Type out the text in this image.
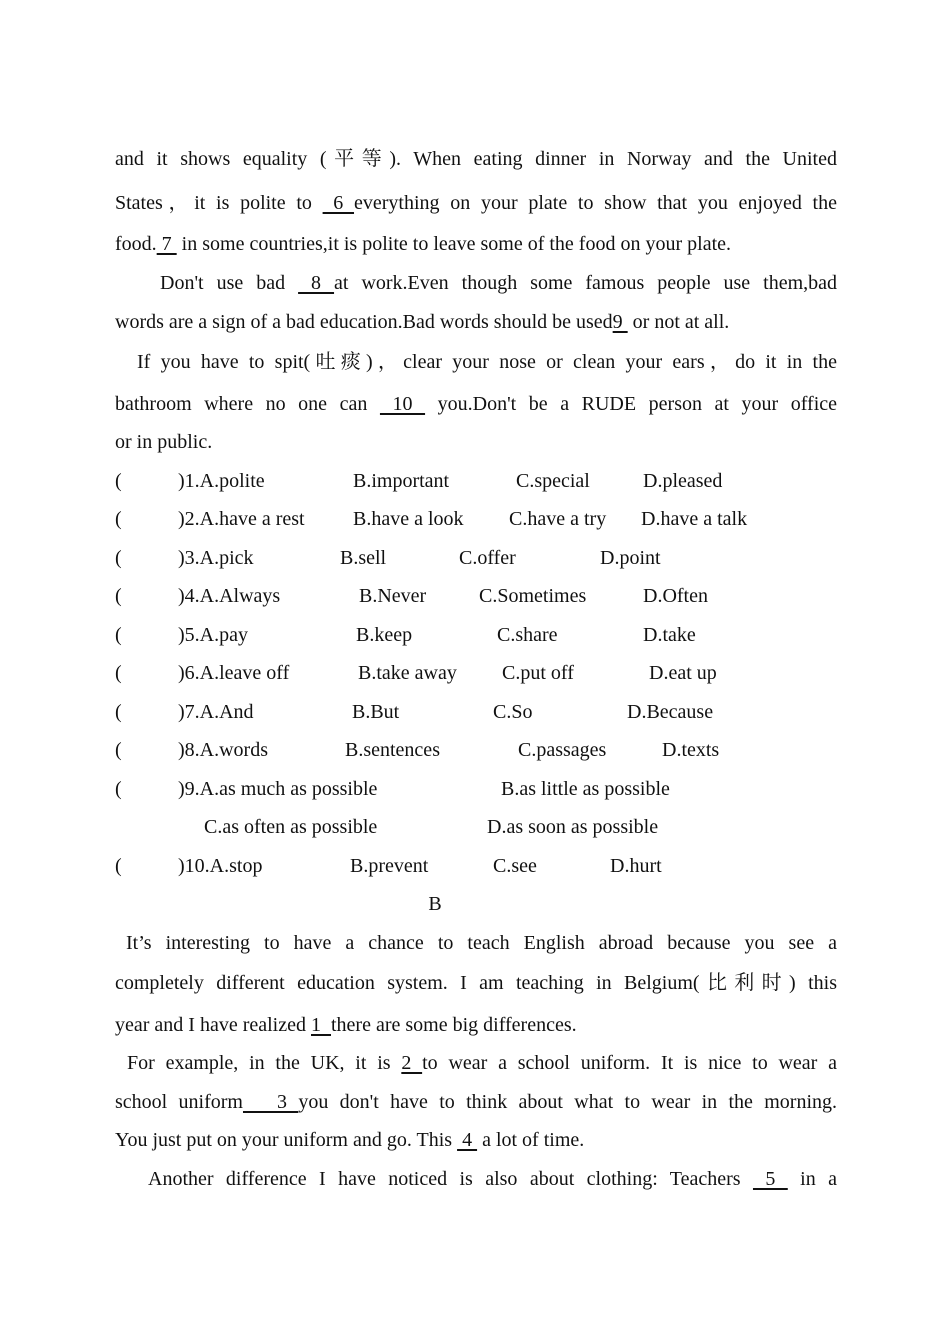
and it shows equality (平等). When eating dinner in Norway and the United
States，it is polite to  6 everything on your plate to show that you enjoyed the
food. 7  in some countries,it is polite to leave some of the food on your plate.
Don't use bad  8 at work.Even though some famous people use them,bad
words are a sign of a bad education.Bad words should be used9  or not at all.
If you have to spit(吐痰)，clear your nose or clean your ears，do it in the
bathroom where no one can  10  you.Don't be a RUDE person at your office
or in public.
(	)1.A.polite	B.important	C.special	D.pleased
(	)2.A.have a rest B.have a look C.have a try D.have a talk
(	)3.A.pick	B.sell	C.offer	D.point
(	)4.A.Always	B.Never	C.Sometimes	D.Often
(	)5.A.pay	B.keep	C.share	D.take
(	)6.A.leave off	B.take away C.put off	D.eat up
(	)7.A.And	B.But	C.So	D.Because
(	)8.A.words	B.sentences	C.passages	D.texts
(	)9.A.as much as possible	B.as little as possible
C.as often as possible	D.as soon as possible
(	)10.A.stop	B.prevent	C.see	D.hurt
B
It’s interesting to have a chance to teach English abroad because you see a
completely different education system. I am teaching in Belgium(比利时) this
year and I have realized 1  there are some big differences.
For example, in the UK, it is 2 to wear a school uniform. It is nice to wear a
school uniform   3 you don't have to think about what to wear in the morning.
You just put on your uniform and go. This  4  a lot of time.
Another difference I have noticed is also about clothing: Teachers  5  in a
